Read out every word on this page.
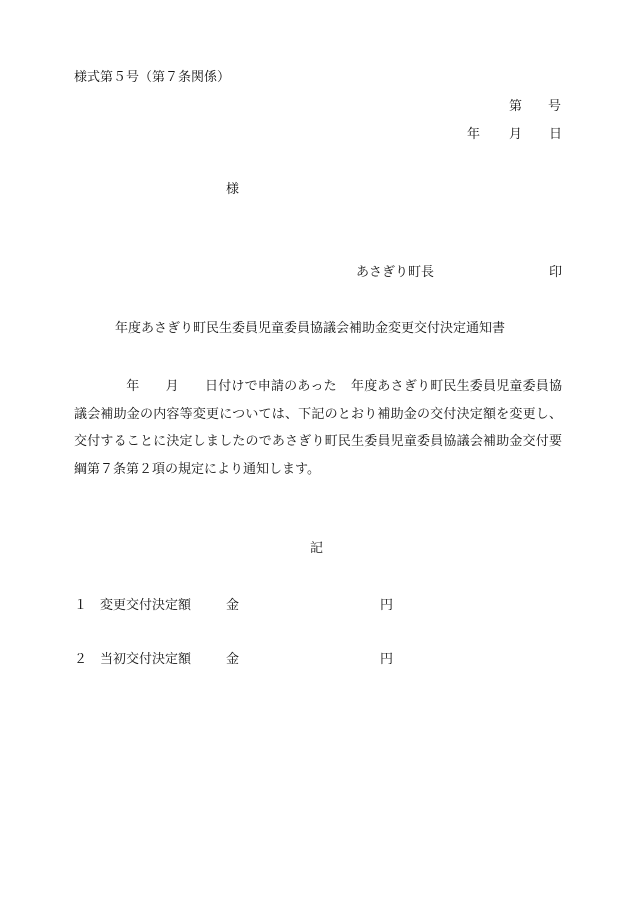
様式第５号（第７条関係）
第 号
年 月 日
様
あさぎり町長	印
年度あさぎり町民生委員児童委員協議会補助金変更交付決定通知書
年 月 日付けで申請のあった 年度あさぎり町民生委員児童委員協議会補助金の内容等変更については、下記のとおり補助金の交付決定額を変更し、交付することに決定しましたのであさぎり町民生委員児童委員協議会補助金交付要綱第７条第２項の規定により通知します。
記
１ 変更交付決定額	金	円
２ 当初交付決定額	金	円
